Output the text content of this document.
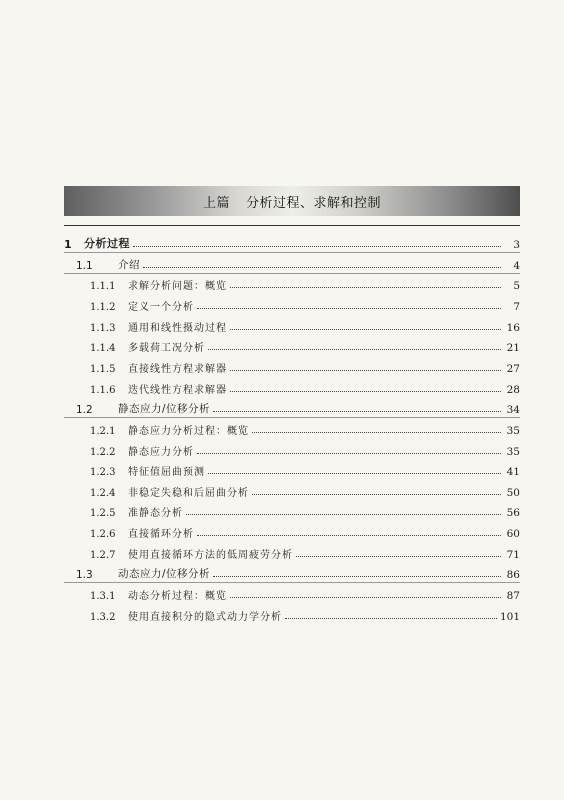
上篇 分析过程、求解和控制
1	分析过程	3
1.1	介绍	4
1.1.1	求解分析问题：概览	5
1.1.2	定义一个分析	7
1.1.3	通用和线性摄动过程	16
1.1.4	多载荷工况分析	21
1.1.5	直接线性方程求解器	27
1.1.6	迭代线性方程求解器	28
1.2	静态应力/位移分析	34
1.2.1	静态应力分析过程：概览	35
1.2.2	静态应力分析	35
1.2.3	特征值屈曲预测	41
1.2.4	非稳定失稳和后屈曲分析	50
1.2.5	准静态分析	56
1.2.6	直接循环分析	60
1.2.7	使用直接循环方法的低周疲劳分析	71
1.3	动态应力/位移分析	86
1.3.1	动态分析过程：概览	87
1.3.2	使用直接积分的隐式动力学分析	101
